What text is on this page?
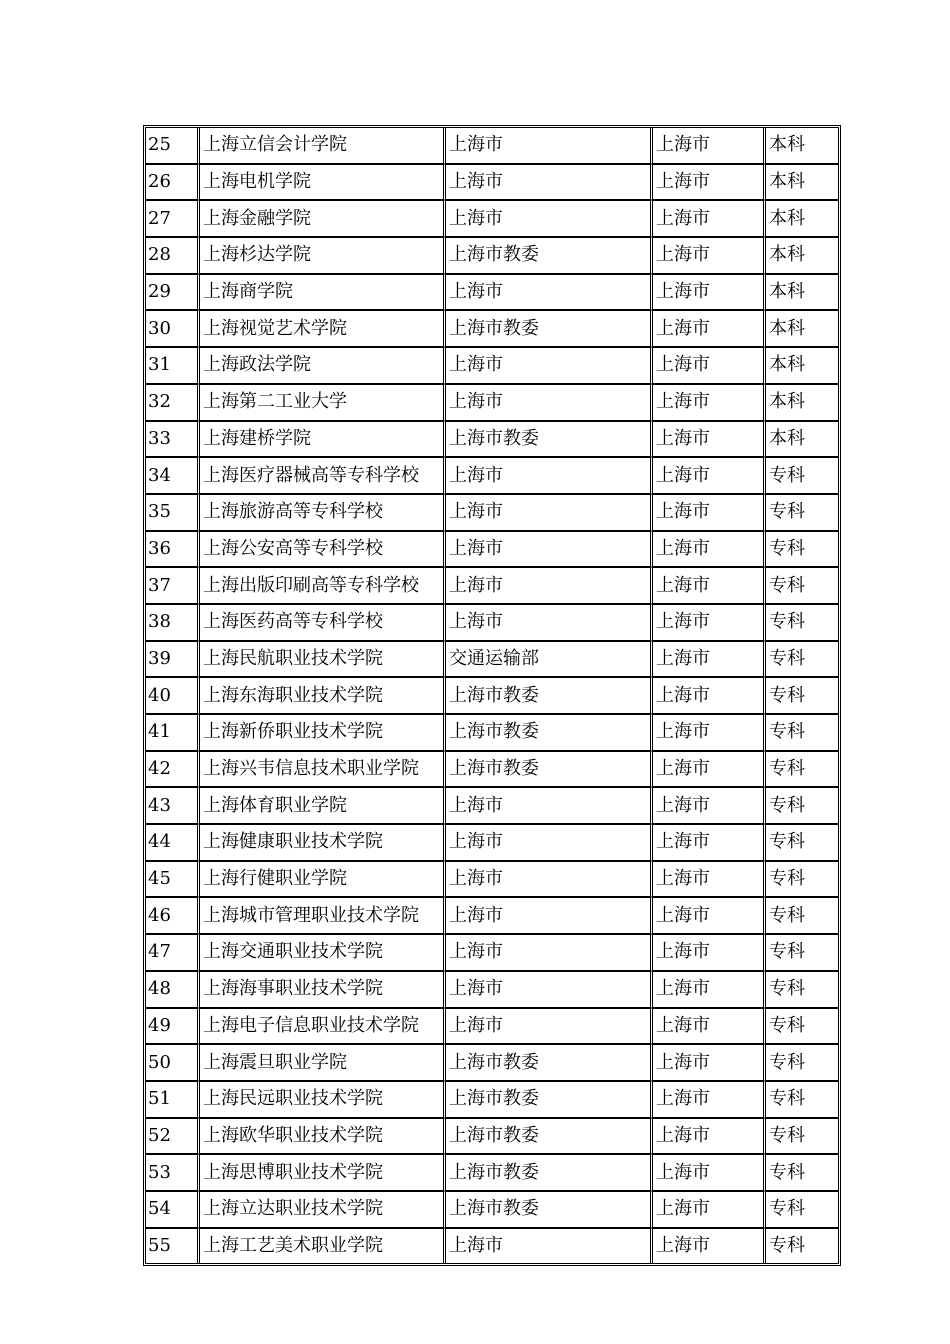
25	上海立信会计学院	上海市	上海市	本科
26	上海电机学院	上海市	上海市	本科
27	上海金融学院	上海市	上海市	本科
28	上海杉达学院	上海市教委	上海市	本科
29	上海商学院	上海市	上海市	本科
30	上海视觉艺术学院	上海市教委	上海市	本科
31	上海政法学院	上海市	上海市	本科
32	上海第二工业大学	上海市	上海市	本科
33	上海建桥学院	上海市教委	上海市	本科
34	上海医疗器械高等专科学校	上海市	上海市	专科
35	上海旅游高等专科学校	上海市	上海市	专科
36	上海公安高等专科学校	上海市	上海市	专科
37	上海出版印刷高等专科学校	上海市	上海市	专科
38	上海医药高等专科学校	上海市	上海市	专科
39	上海民航职业技术学院	交通运输部	上海市	专科
40	上海东海职业技术学院	上海市教委	上海市	专科
41	上海新侨职业技术学院	上海市教委	上海市	专科
42	上海兴韦信息技术职业学院	上海市教委	上海市	专科
43	上海体育职业学院	上海市	上海市	专科
44	上海健康职业技术学院	上海市	上海市	专科
45	上海行健职业学院	上海市	上海市	专科
46	上海城市管理职业技术学院	上海市	上海市	专科
47	上海交通职业技术学院	上海市	上海市	专科
48	上海海事职业技术学院	上海市	上海市	专科
49	上海电子信息职业技术学院	上海市	上海市	专科
50	上海震旦职业学院	上海市教委	上海市	专科
51	上海民远职业技术学院	上海市教委	上海市	专科
52	上海欧华职业技术学院	上海市教委	上海市	专科
53	上海思博职业技术学院	上海市教委	上海市	专科
54	上海立达职业技术学院	上海市教委	上海市	专科
55	上海工艺美术职业学院	上海市	上海市	专科
